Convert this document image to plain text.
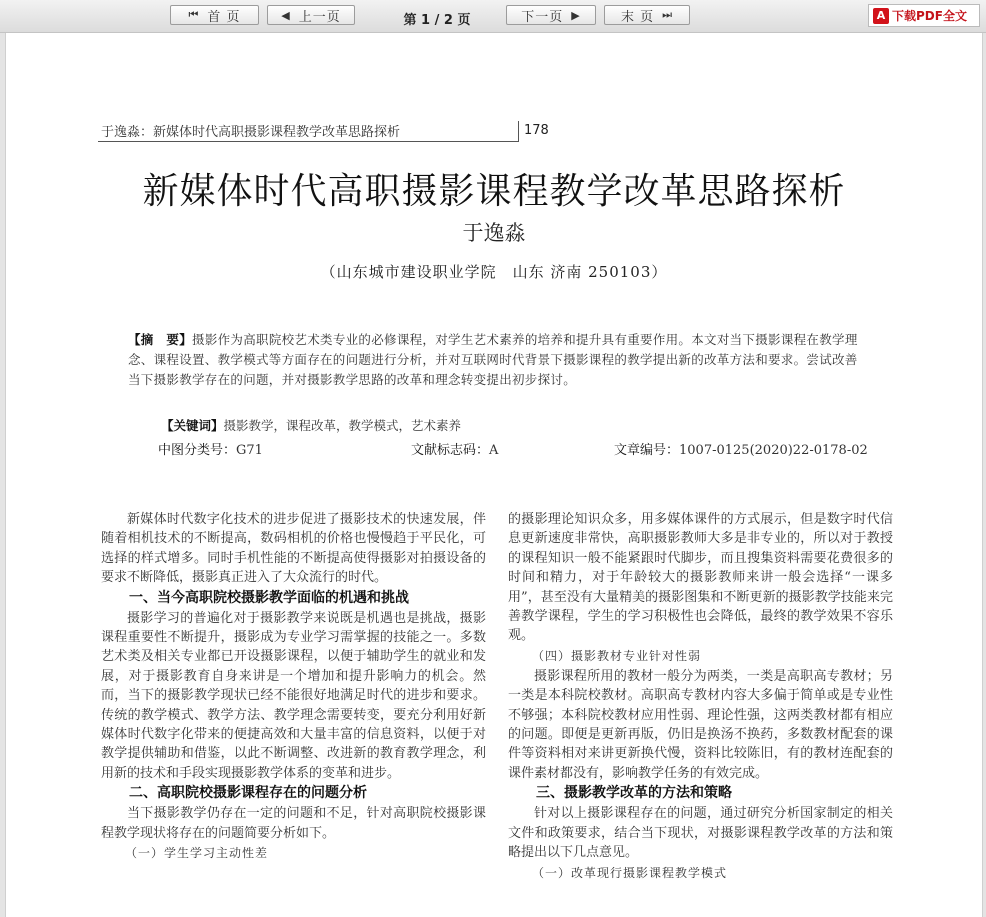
⏮ 首 页	◀ 上一页	第 1 / 2 页	下一页 ▶	末 页 ⏭	A 下载PDF全文
于逸淼：新媒体时代高职摄影课程教学改革思路探析	178
新媒体时代高职摄影课程教学改革思路探析
于逸淼
（山东城市建设职业学院　山东 济南 250103）
【摘　要】摄影作为高职院校艺术类专业的必修课程，对学生艺术素养的培养和提升具有重要作用。本文对当下摄影课程在教学理念、课程设置、教学模式等方面存在的问题进行分析，并对互联网时代背景下摄影课程的教学提出新的改革方法和要求。尝试改善当下摄影教学存在的问题，并对摄影教学思路的改革和理念转变提出初步探讨。
【关键词】摄影教学，课程改革，教学模式，艺术素养
中图分类号：G71	文献标志码：A	文章编号：1007-0125(2020)22-0178-02

新媒体时代数字化技术的进步促进了摄影技术的快速发展，伴随着相机技术的不断提高，数码相机的价格也慢慢趋于平民化，可选择的样式增多。同时手机性能的不断提高使得摄影对拍摄设备的要求不断降低，摄影真正进入了大众流行的时代。

一、当今高职院校摄影教学面临的机遇和挑战

摄影学习的普遍化对于摄影教学来说既是机遇也是挑战，摄影课程重要性不断提升，摄影成为专业学习需掌握的技能之一。多数艺术类及相关专业都已开设摄影课程，以便于辅助学生的就业和发展，对于摄影教育自身来讲是一个增加和提升影响力的机会。然而，当下的摄影教学现状已经不能很好地满足时代的进步和要求。传统的教学模式、教学方法、教学理念需要转变，要充分利用好新媒体时代数字化带来的便捷高效和大量丰富的信息资料，以便于对教学提供辅助和借鉴，以此不断调整、改进新的教育教学理念，利用新的技术和手段实现摄影教学体系的变革和进步。

二、高职院校摄影课程存在的问题分析

当下摄影教学仍存在一定的问题和不足，针对高职院校摄影课程教学现状将存在的问题简要分析如下。

（一）学生学习主动性差

的摄影理论知识众多，用多媒体课件的方式展示，但是数字时代信息更新速度非常快，高职摄影教师大多是非专业的，所以对于教授的课程知识一般不能紧跟时代脚步，而且搜集资料需要花费很多的时间和精力，对于年龄较大的摄影教师来讲一般会选择“一课多用”，甚至没有大量精美的摄影图集和不断更新的摄影教学技能来完善教学课程，学生的学习积极性也会降低，最终的教学效果不容乐观。

（四）摄影教材专业针对性弱

摄影课程所用的教材一般分为两类，一类是高职高专教材；另一类是本科院校教材。高职高专教材内容大多偏于简单或是专业性不够强；本科院校教材应用性弱、理论性强，这两类教材都有相应的问题。即便是更新再版，仍旧是换汤不换药，多数教材配套的课件等资料相对来讲更新换代慢，资料比较陈旧，有的教材连配套的课件素材都没有，影响教学任务的有效完成。

三、摄影教学改革的方法和策略

针对以上摄影课程存在的问题，通过研究分析国家制定的相关文件和政策要求，结合当下现状，对摄影课程教学改革的方法和策略提出以下几点意见。

（一）改革现行摄影课程教学模式
